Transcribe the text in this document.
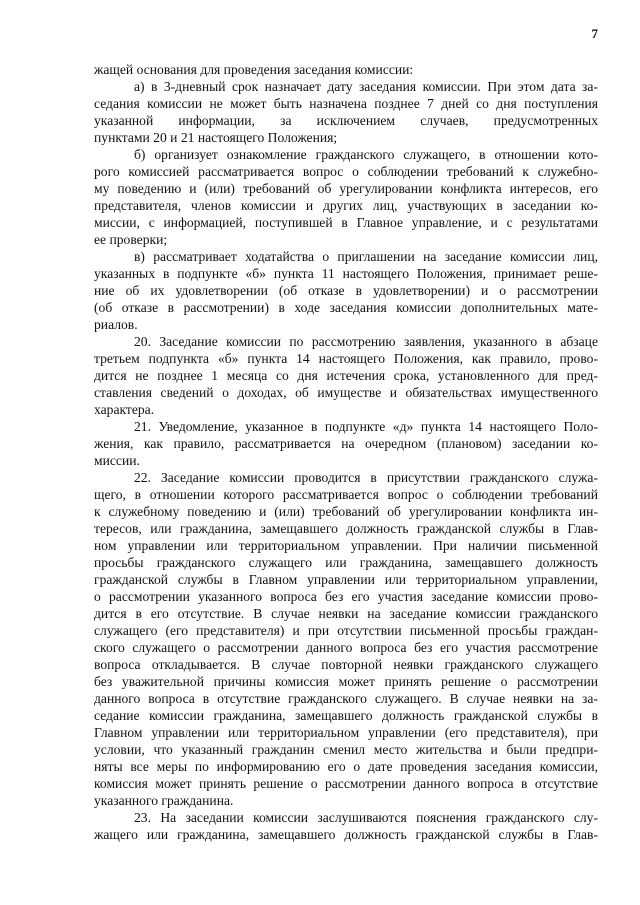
7
жащей основания для проведения заседания комиссии:
а) в 3-дневный срок назначает дату заседания комиссии. При этом дата за-
седания комиссии не может быть назначена позднее 7 дней со дня поступления
указанной информации, за исключением случаев, предусмотренных
пунктами 20 и 21 настоящего Положения;
б) организует ознакомление гражданского служащего, в отношении кото-
рого комиссией рассматривается вопрос о соблюдении требований к служебно-
му поведению и (или) требований об урегулировании конфликта интересов, его
представителя, членов комиссии и других лиц, участвующих в заседании ко-
миссии, с информацией, поступившей в Главное управление, и с результатами
ее проверки;
в) рассматривает ходатайства о приглашении на заседание комиссии лиц,
указанных в подпункте «б» пункта 11 настоящего Положения, принимает реше-
ние об их удовлетворении (об отказе в удовлетворении) и о рассмотрении
(об отказе в рассмотрении) в ходе заседания комиссии дополнительных мате-
риалов.
20. Заседание комиссии по рассмотрению заявления, указанного в абзаце
третьем подпункта «б» пункта 14 настоящего Положения, как правило, прово-
дится не позднее 1 месяца со дня истечения срока, установленного для пред-
ставления сведений о доходах, об имуществе и обязательствах имущественного
характера.
21. Уведомление, указанное в подпункте «д» пункта 14 настоящего Поло-
жения, как правило, рассматривается на очередном (плановом) заседании ко-
миссии.
22. Заседание комиссии проводится в присутствии гражданского служа-
щего, в отношении которого рассматривается вопрос о соблюдении требований
к служебному поведению и (или) требований об урегулировании конфликта ин-
тересов, или гражданина, замещавшего должность гражданской службы в Глав-
ном управлении или территориальном управлении. При наличии письменной
просьбы гражданского служащего или гражданина, замещавшего должность
гражданской службы в Главном управлении или территориальном управлении,
о рассмотрении указанного вопроса без его участия заседание комиссии прово-
дится в его отсутствие. В случае неявки на заседание комиссии гражданского
служащего (его представителя) и при отсутствии письменной просьбы граждан-
ского служащего о рассмотрении данного вопроса без его участия рассмотрение
вопроса откладывается. В случае повторной неявки гражданского служащего
без уважительной причины комиссия может принять решение о рассмотрении
данного вопроса в отсутствие гражданского служащего. В случае неявки на за-
седание комиссии гражданина, замещавшего должность гражданской службы в
Главном управлении или территориальном управлении (его представителя), при
условии, что указанный гражданин сменил место жительства и были предпри-
няты все меры по информированию его о дате проведения заседания комиссии,
комиссия может принять решение о рассмотрении данного вопроса в отсутствие
указанного гражданина.
23. На заседании комиссии заслушиваются пояснения гражданского слу-
жащего или гражданина, замещавшего должность гражданской службы в Глав-
